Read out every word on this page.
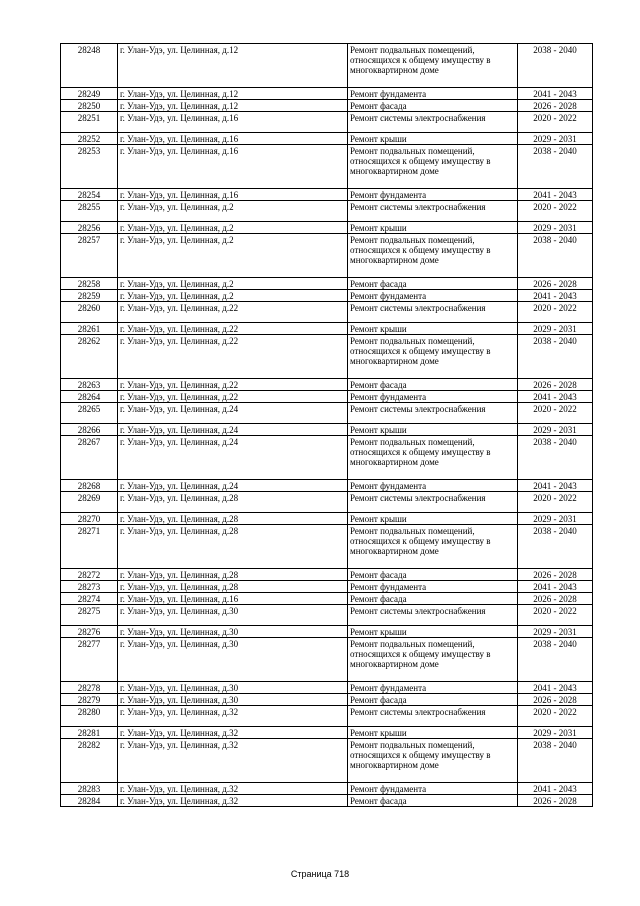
28248	г. Улан-Удэ, ул. Целинная, д.12	Ремонт подвальных помещений, относящихся к общему имуществу в многоквартирном доме	2038 - 2040
28249	г. Улан-Удэ, ул. Целинная, д.12	Ремонт фундамента	2041 - 2043
28250	г. Улан-Удэ, ул. Целинная, д.12	Ремонт фасада	2026 - 2028
28251	г. Улан-Удэ, ул. Целинная, д.16	Ремонт системы электроснабжения	2020 - 2022
28252	г. Улан-Удэ, ул. Целинная, д.16	Ремонт крыши	2029 - 2031
28253	г. Улан-Удэ, ул. Целинная, д.16	Ремонт подвальных помещений, относящихся к общему имуществу в многоквартирном доме	2038 - 2040
28254	г. Улан-Удэ, ул. Целинная, д.16	Ремонт фундамента	2041 - 2043
28255	г. Улан-Удэ, ул. Целинная, д.2	Ремонт системы электроснабжения	2020 - 2022
28256	г. Улан-Удэ, ул. Целинная, д.2	Ремонт крыши	2029 - 2031
28257	г. Улан-Удэ, ул. Целинная, д.2	Ремонт подвальных помещений, относящихся к общему имуществу в многоквартирном доме	2038 - 2040
28258	г. Улан-Удэ, ул. Целинная, д.2	Ремонт фасада	2026 - 2028
28259	г. Улан-Удэ, ул. Целинная, д.2	Ремонт фундамента	2041 - 2043
28260	г. Улан-Удэ, ул. Целинная, д.22	Ремонт системы электроснабжения	2020 - 2022
28261	г. Улан-Удэ, ул. Целинная, д.22	Ремонт крыши	2029 - 2031
28262	г. Улан-Удэ, ул. Целинная, д.22	Ремонт подвальных помещений, относящихся к общему имуществу в многоквартирном доме	2038 - 2040
28263	г. Улан-Удэ, ул. Целинная, д.22	Ремонт фасада	2026 - 2028
28264	г. Улан-Удэ, ул. Целинная, д.22	Ремонт фундамента	2041 - 2043
28265	г. Улан-Удэ, ул. Целинная, д.24	Ремонт системы электроснабжения	2020 - 2022
28266	г. Улан-Удэ, ул. Целинная, д.24	Ремонт крыши	2029 - 2031
28267	г. Улан-Удэ, ул. Целинная, д.24	Ремонт подвальных помещений, относящихся к общему имуществу в многоквартирном доме	2038 - 2040
28268	г. Улан-Удэ, ул. Целинная, д.24	Ремонт фундамента	2041 - 2043
28269	г. Улан-Удэ, ул. Целинная, д.28	Ремонт системы электроснабжения	2020 - 2022
28270	г. Улан-Удэ, ул. Целинная, д.28	Ремонт крыши	2029 - 2031
28271	г. Улан-Удэ, ул. Целинная, д.28	Ремонт подвальных помещений, относящихся к общему имуществу в многоквартирном доме	2038 - 2040
28272	г. Улан-Удэ, ул. Целинная, д.28	Ремонт фасада	2026 - 2028
28273	г. Улан-Удэ, ул. Целинная, д.28	Ремонт фундамента	2041 - 2043
28274	г. Улан-Удэ, ул. Целинная, д.16	Ремонт фасада	2026 - 2028
28275	г. Улан-Удэ, ул. Целинная, д.30	Ремонт системы электроснабжения	2020 - 2022
28276	г. Улан-Удэ, ул. Целинная, д.30	Ремонт крыши	2029 - 2031
28277	г. Улан-Удэ, ул. Целинная, д.30	Ремонт подвальных помещений, относящихся к общему имуществу в многоквартирном доме	2038 - 2040
28278	г. Улан-Удэ, ул. Целинная, д.30	Ремонт фундамента	2041 - 2043
28279	г. Улан-Удэ, ул. Целинная, д.30	Ремонт фасада	2026 - 2028
28280	г. Улан-Удэ, ул. Целинная, д.32	Ремонт системы электроснабжения	2020 - 2022
28281	г. Улан-Удэ, ул. Целинная, д.32	Ремонт крыши	2029 - 2031
28282	г. Улан-Удэ, ул. Целинная, д.32	Ремонт подвальных помещений, относящихся к общему имуществу в многоквартирном доме	2038 - 2040
28283	г. Улан-Удэ, ул. Целинная, д.32	Ремонт фундамента	2041 - 2043
28284	г. Улан-Удэ, ул. Целинная, д.32	Ремонт фасада	2026 - 2028
Страница 718
